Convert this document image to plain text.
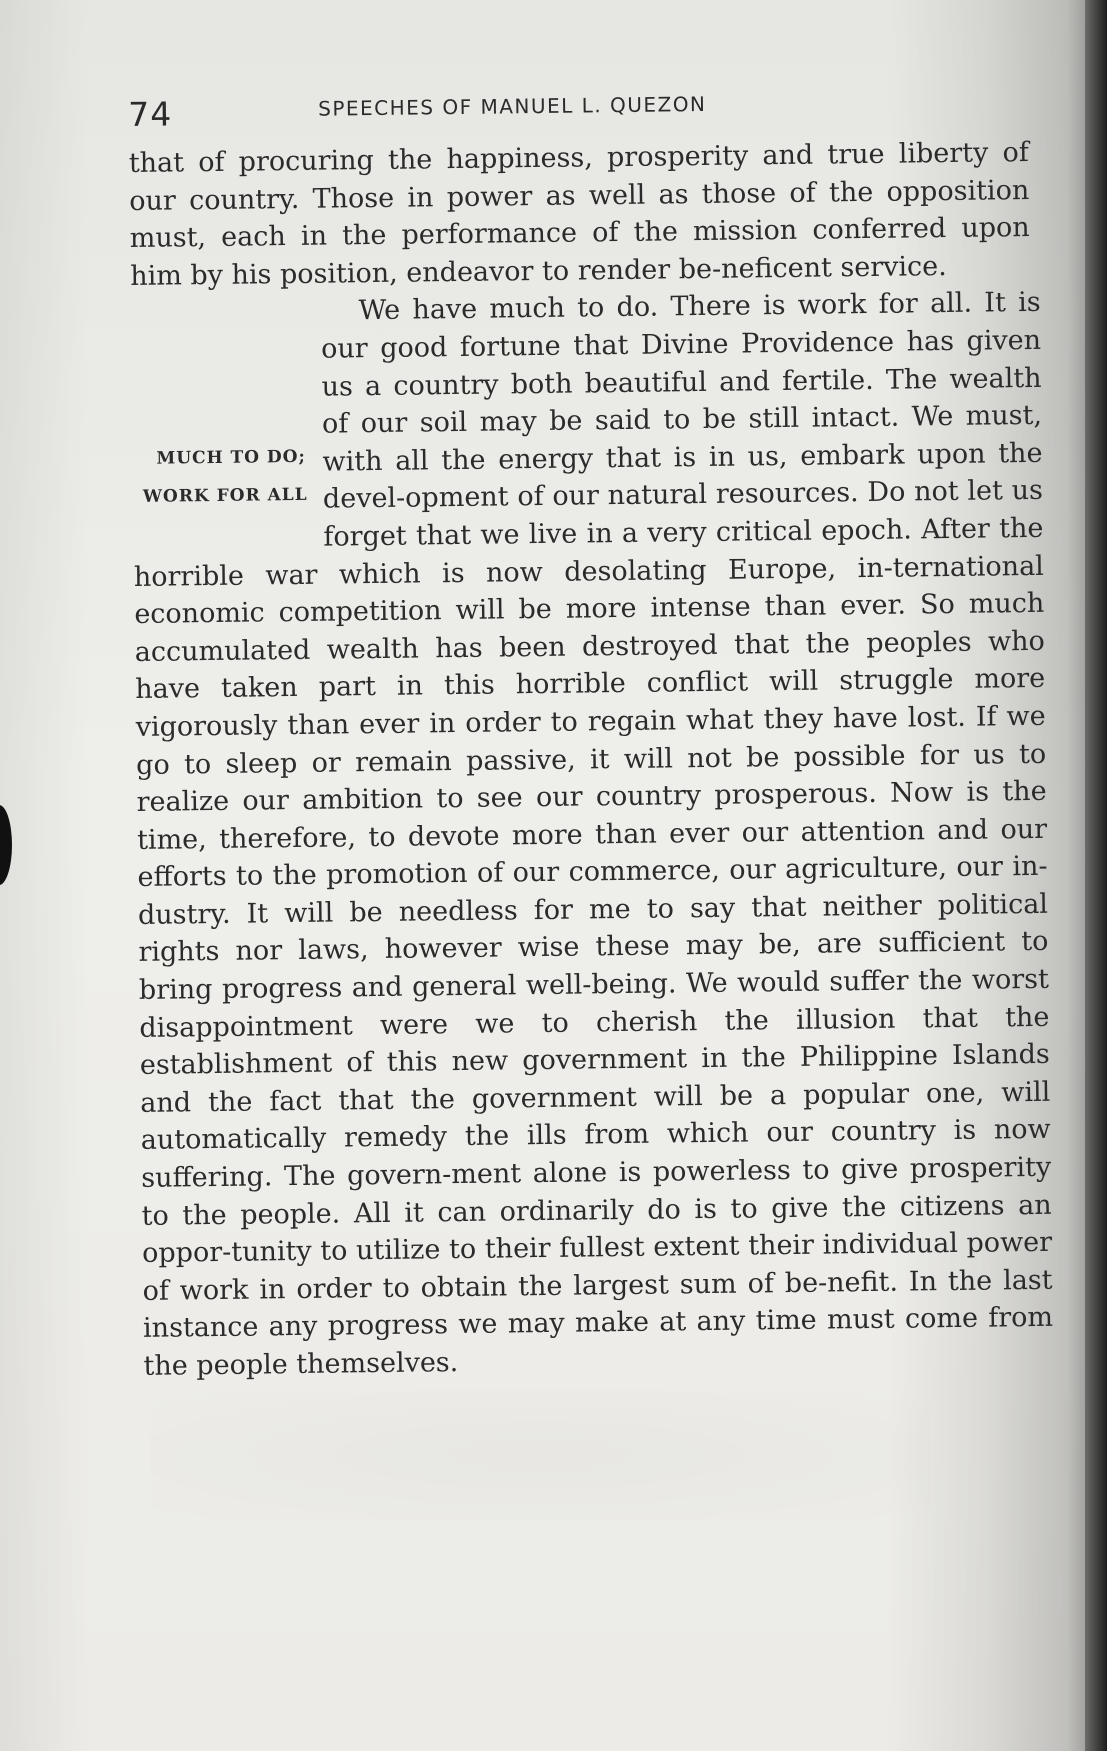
74	SPEECHES OF MANUEL L. QUEZON

that of procuring the happiness, prosperity and true liberty of our country. Those in power as well as those of the opposition must, each in the performance of the mission conferred upon him by his position, endeavor to render be-neficent service.

MUCH TO DO;
WORK FOR ALL

We have much to do. There is work for all. It is our good fortune that Divine Providence has given us a country both beautiful and fertile. The wealth of our soil may be said to be still intact. We must, with all the energy that is in us, embark upon the devel-opment of our natural resources. Do not let us forget that we live in a very critical epoch. After the horrible war which is now desolating Europe, in-ternational economic competition will be more intense than ever. So much accumulated wealth has been destroyed that the peoples who have taken part in this horrible conflict will struggle more vigorously than ever in order to regain what they have lost. If we go to sleep or remain passive, it will not be possible for us to realize our ambition to see our country prosperous. Now is the time, therefore, to devote more than ever our attention and our efforts to the promotion of our commerce, our agriculture, our in-dustry. It will be needless for me to say that neither political rights nor laws, however wise these may be, are sufficient to bring progress and general well-being. We would suffer the worst disappointment were we to cherish the illusion that the establishment of this new government in the Philippine Islands and the fact that the government will be a popular one, will automatically remedy the ills from which our country is now suffering. The govern-ment alone is powerless to give prosperity to the people. All it can ordinarily do is to give the citizens an oppor-tunity to utilize to their fullest extent their individual power of work in order to obtain the largest sum of be-nefit. In the last instance any progress we may make at any time must come from the people themselves.
